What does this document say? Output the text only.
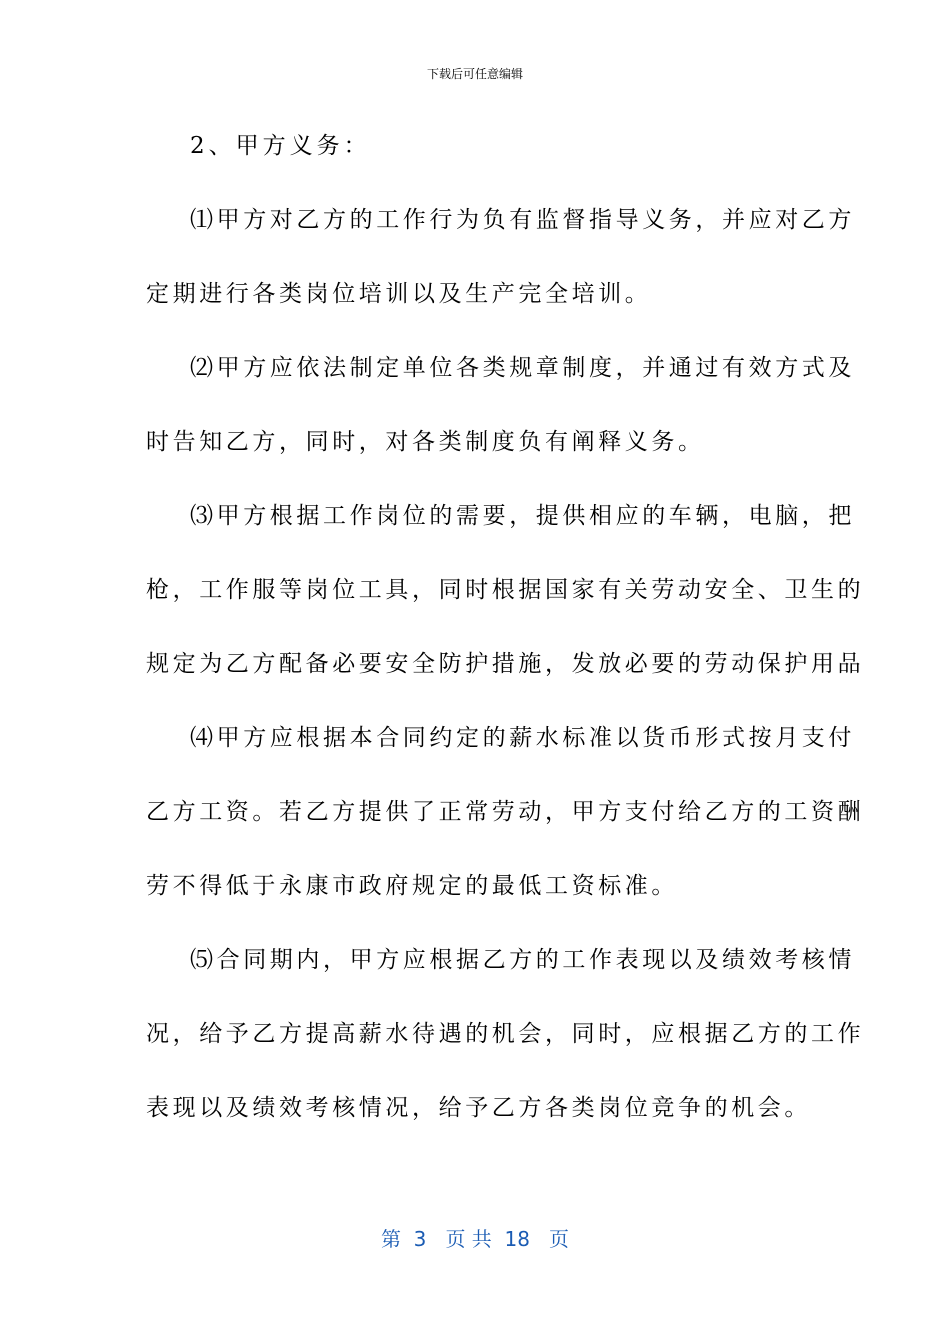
下载后可任意编辑
2、甲方义务：
⑴甲方对乙方的工作行为负有监督指导义务，并应对乙方
定期进行各类岗位培训以及生产完全培训。
⑵甲方应依法制定单位各类规章制度，并通过有效方式及
时告知乙方，同时，对各类制度负有阐释义务。
⑶甲方根据工作岗位的需要，提供相应的车辆，电脑，把
枪，工作服等岗位工具，同时根据国家有关劳动安全、卫生的
规定为乙方配备必要安全防护措施，发放必要的劳动保护用品
⑷甲方应根据本合同约定的薪水标准以货币形式按月支付
乙方工资。若乙方提供了正常劳动，甲方支付给乙方的工资酬
劳不得低于永康市政府规定的最低工资标准。
⑸合同期内，甲方应根据乙方的工作表现以及绩效考核情
况，给予乙方提高薪水待遇的机会，同时，应根据乙方的工作
表现以及绩效考核情况，给予乙方各类岗位竞争的机会。
第  3   页 共  18   页
